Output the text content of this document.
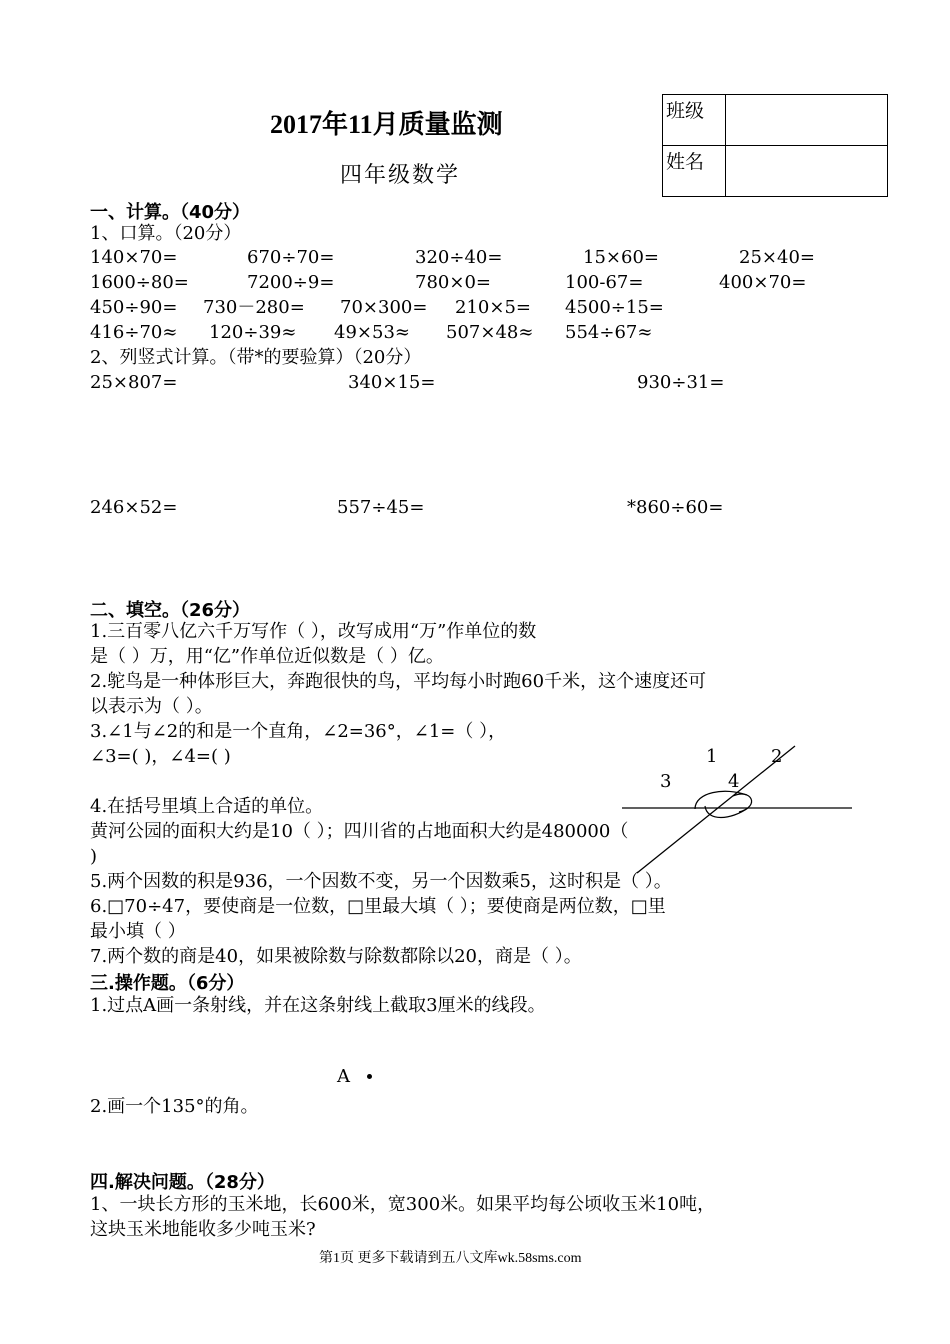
2017年11月质量监测
四年级数学
班级	
姓名	
一、计算。（40分）
1、口算。（20分）
140×70=	670÷70=	320÷40=	15×60=	25×40=
1600÷80=	7200÷9=	780×0=	100-67=	400×70=
450÷90= 730－280= 70×300= 210×5= 4500÷15=
416÷70≈ 120÷39≈ 49×53≈ 507×48≈ 554÷67≈
2、列竖式计算。（带*的要验算）（20分）
25×807=	340×15=	930÷31=
246×52=	557÷45=	*860÷60=
二、填空。（26分）
1.三百零八亿六千万写作（ ），改写成用“万”作单位的数
是（ ）万，用“亿”作单位近似数是（ ）亿。
2.鸵鸟是一种体形巨大，奔跑很快的鸟，平均每小时跑60千米，这个速度还可
以表示为（ ）。
3.∠1与∠2的和是一个直角，∠2=36°，∠1=（ ），
∠3=( )，∠4=( )
4.在括号里填上合适的单位。
黄河公园的面积大约是10（ ）；四川省的占地面积大约是480000（
)
5.两个因数的积是936，一个因数不变，另一个因数乘5，这时积是（ ）。
6.□70÷47，要使商是一位数，□里最大填（ ）；要使商是两位数，□里
最小填（ ）
7.两个数的商是40，如果被除数与除数都除以20，商是（ ）。
1	2
3	4
三.操作题。（6分）
1.过点A画一条射线，并在这条射线上截取3厘米的线段。
A
2.画一个135°的角。
四.解决问题。（28分）
1、一块长方形的玉米地，长600米，宽300米。如果平均每公顷收玉米10吨，
这块玉米地能收多少吨玉米?
第1页 更多下载请到五八文库wk.58sms.com
